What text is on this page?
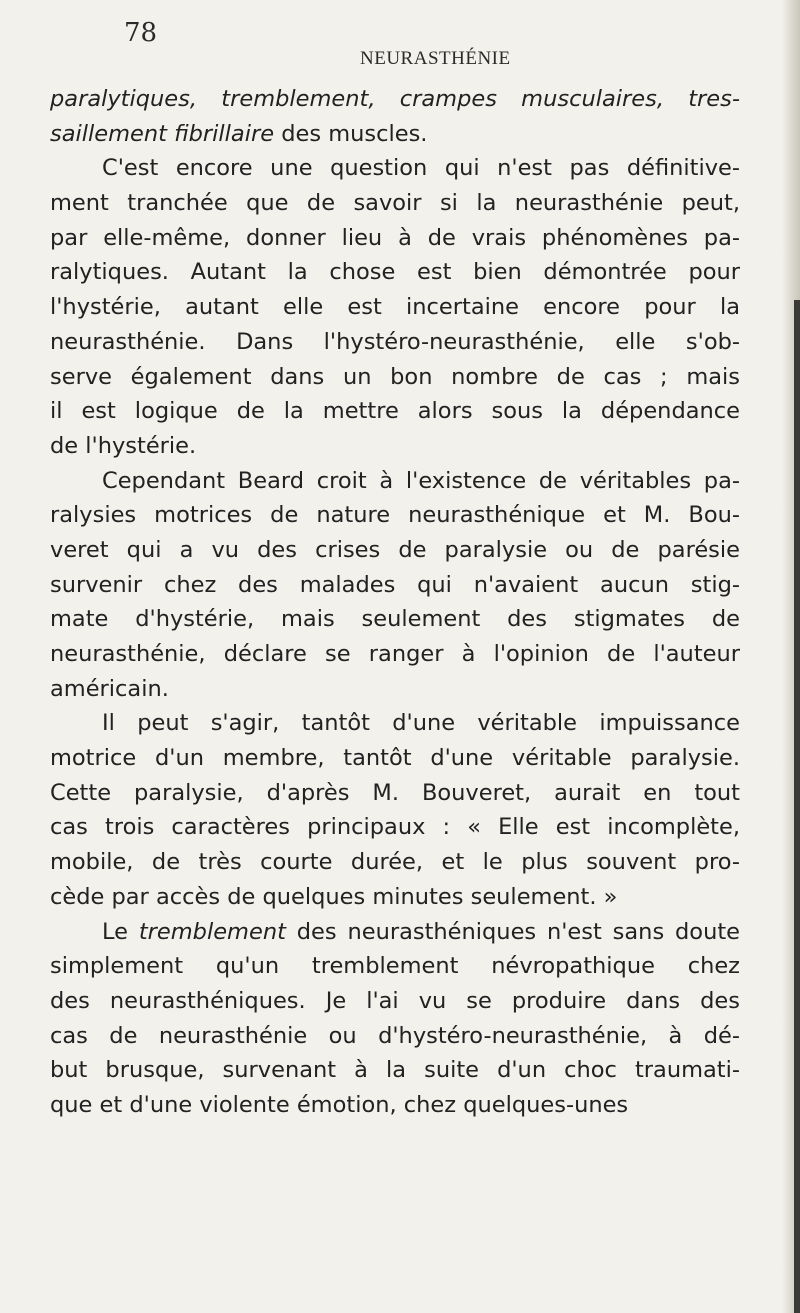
78
NEURASTHÉNIE
paralytiques, tremblement, crampes musculaires, tres-
saillement fibrillaire des muscles.
C'est encore une question qui n'est pas définitive-
ment tranchée que de savoir si la neurasthénie peut,
par elle-même, donner lieu à de vrais phénomènes pa-
ralytiques. Autant la chose est bien démontrée pour
l'hystérie, autant elle est incertaine encore pour la
neurasthénie. Dans l'hystéro-neurasthénie, elle s'ob-
serve également dans un bon nombre de cas ; mais
il est logique de la mettre alors sous la dépendance
de l'hystérie.
Cependant Beard croit à l'existence de véritables pa-
ralysies motrices de nature neurasthénique et M. Bou-
veret qui a vu des crises de paralysie ou de parésie
survenir chez des malades qui n'avaient aucun stig-
mate d'hystérie, mais seulement des stigmates de
neurasthénie, déclare se ranger à l'opinion de l'auteur
américain.
Il peut s'agir, tantôt d'une véritable impuissance
motrice d'un membre, tantôt d'une véritable paralysie.
Cette paralysie, d'après M. Bouveret, aurait en tout
cas trois caractères principaux : « Elle est incomplète,
mobile, de très courte durée, et le plus souvent pro-
cède par accès de quelques minutes seulement. »
Le tremblement des neurasthéniques n'est sans doute
simplement qu'un tremblement névropathique chez
des neurasthéniques. Je l'ai vu se produire dans des
cas de neurasthénie ou d'hystéro-neurasthénie, à dé-
but brusque, survenant à la suite d'un choc traumati-
que et d'une violente émotion, chez quelques-unes
